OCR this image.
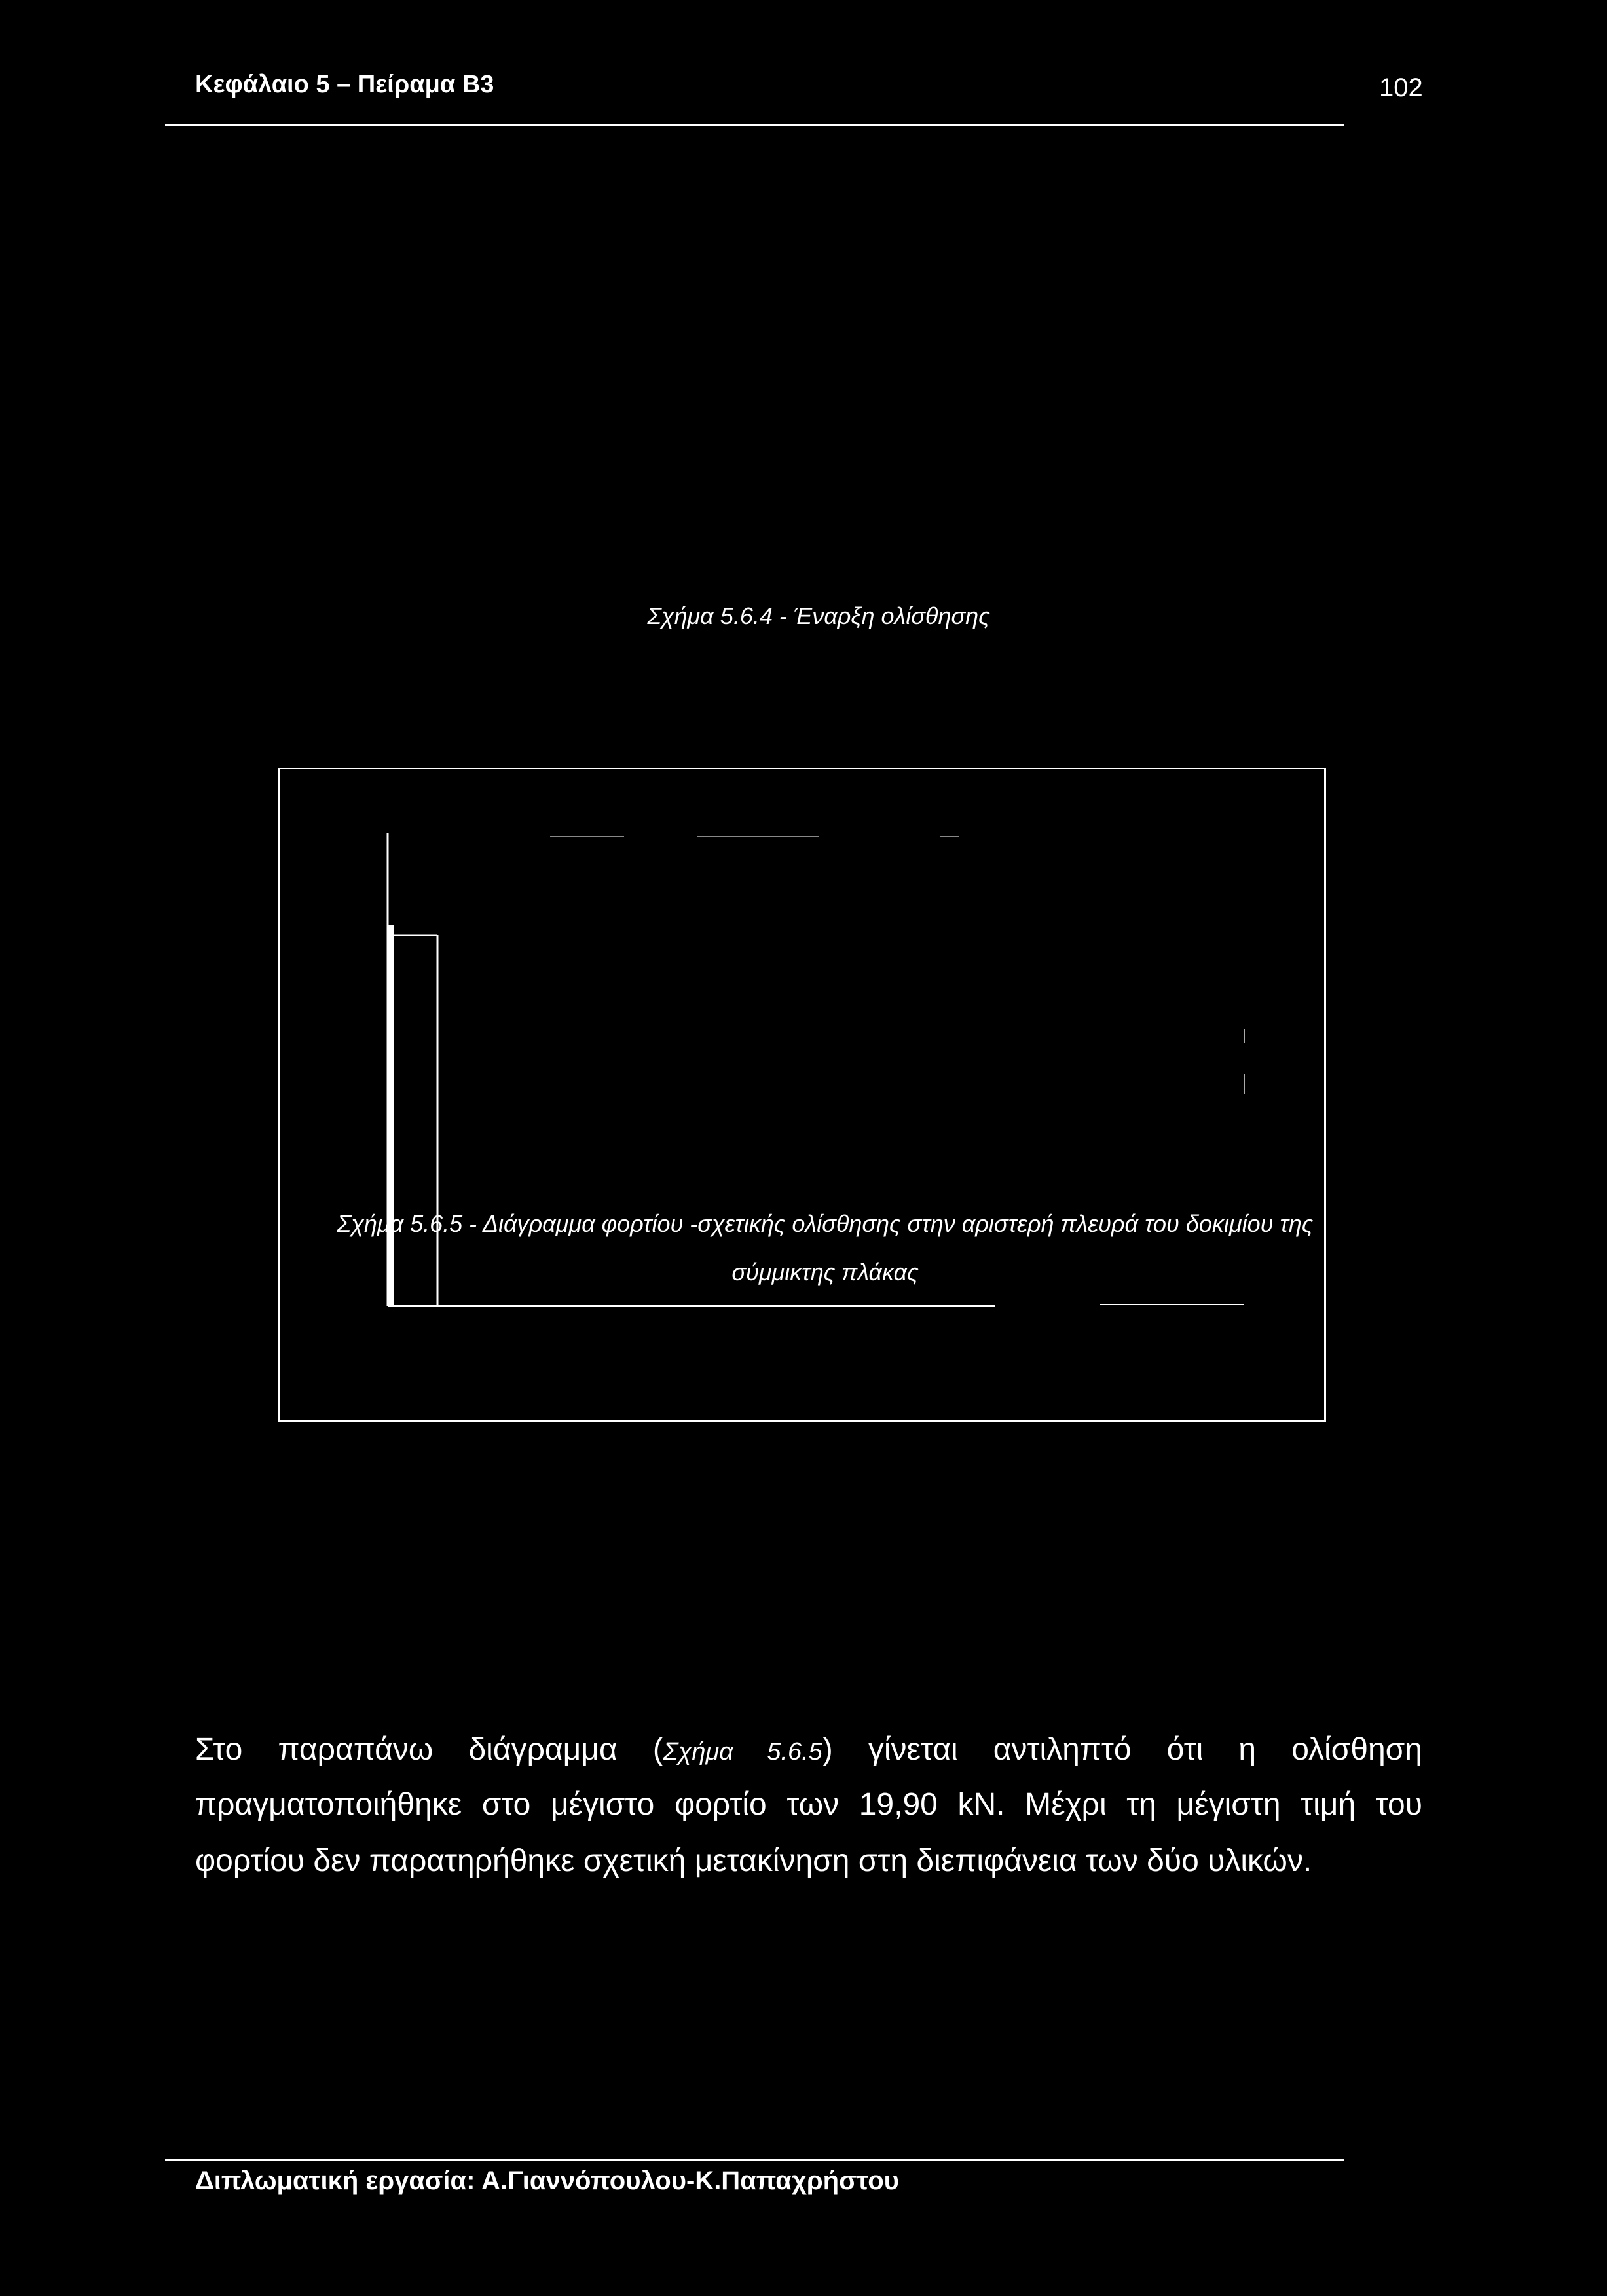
Κεφάλαιο 5 – Πείραμα Β3	102
Σχήμα 5.6.4 - Έναρξη ολίσθησης
Σχήμα 5.6.5 - Διάγραμμα φορτίου -σχετικής ολίσθησης στην αριστερή πλευρά του δοκιμίου της
σύμμικτης πλάκας
Στο παραπάνω διάγραμμα (Σχήμα 5.6.5) γίνεται αντιληπτό ότι η ολίσθηση
πραγματοποιήθηκε στο μέγιστο φορτίο των 19,90 kN. Μέχρι τη μέγιστη τιμή του
φορτίου δεν παρατηρήθηκε σχετική μετακίνηση στη διεπιφάνεια των δύο υλικών.
Διπλωματική εργασία: Α.Γιαννόπουλου-Κ.Παπαχρήστου
